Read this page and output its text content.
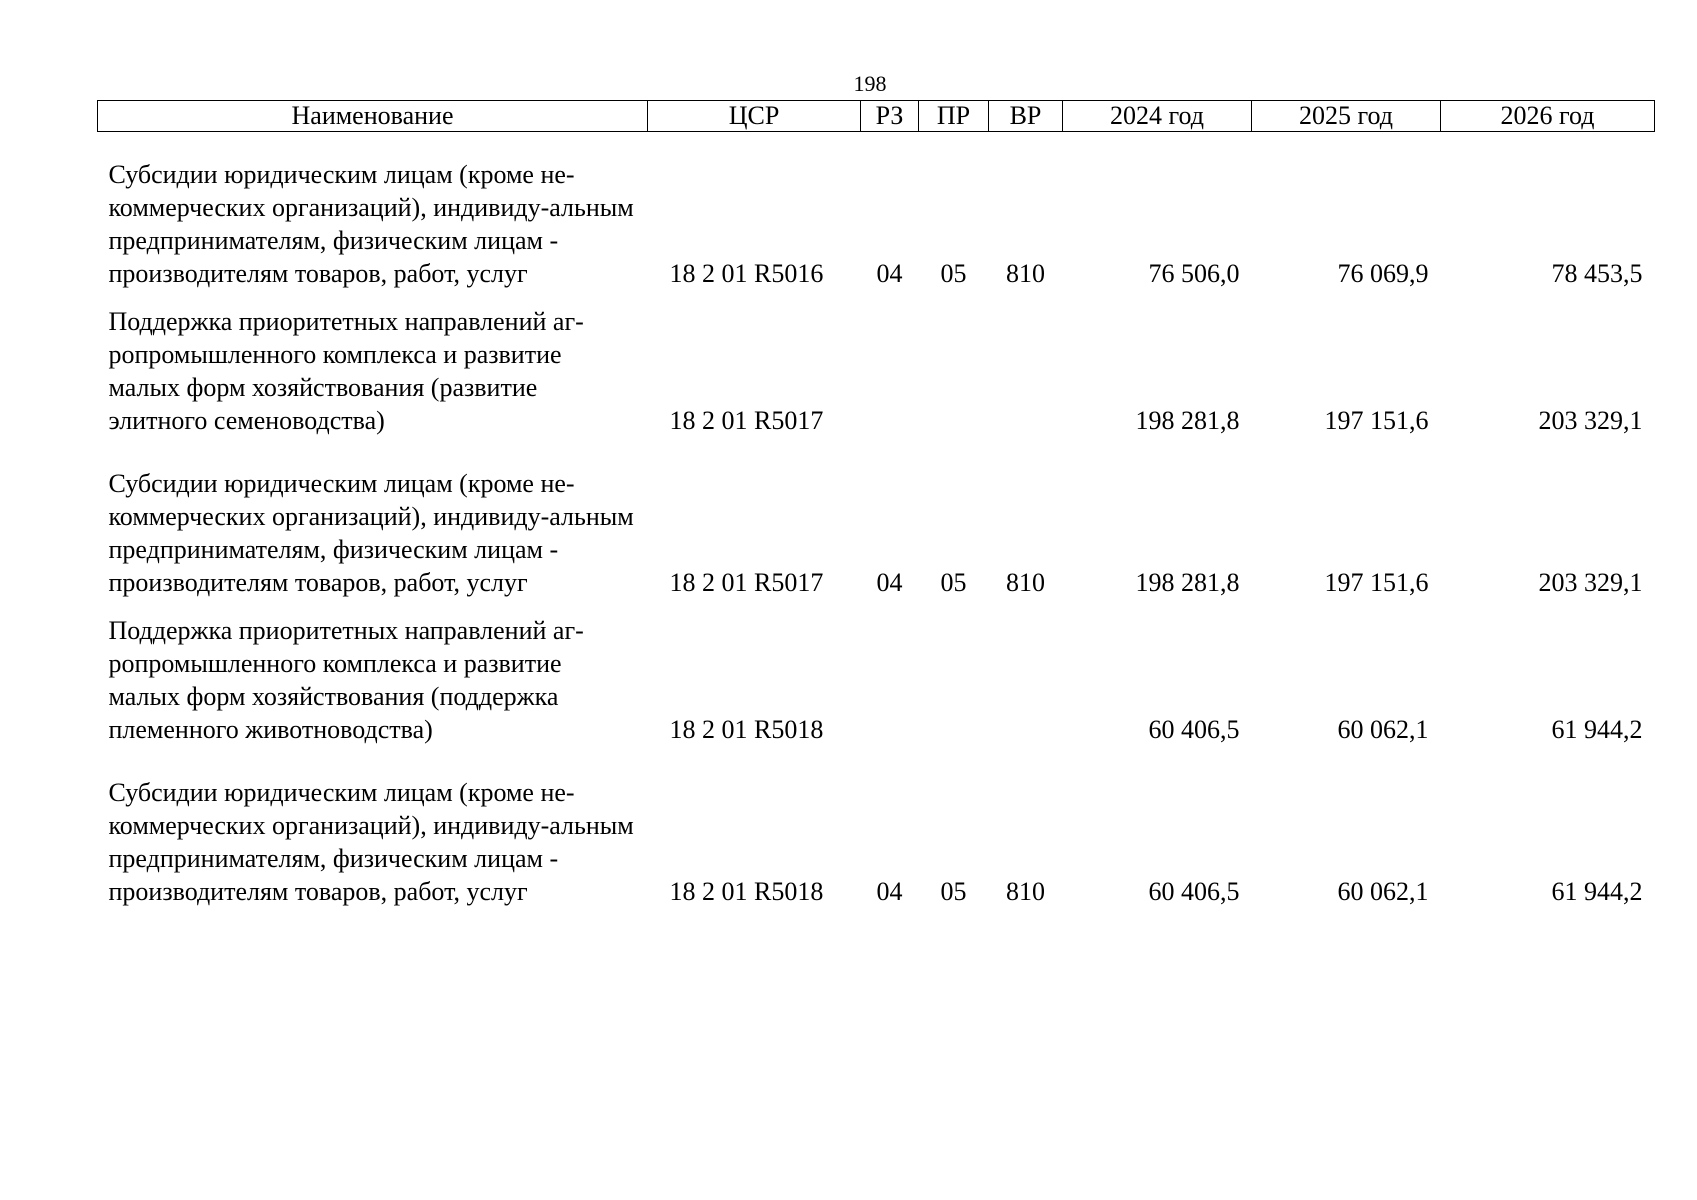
198
Наименование	ЦСР	РЗ	ПР	ВР	2024 год	2025 год	2026 год
Субсидии юридическим лицам (кроме не-коммерческих организаций), индивиду-альным предпринимателям, физическим лицам - производителям товаров, работ, услуг	18 2 01 R5016	04	05	810	76 506,0	76 069,9	78 453,5
Поддержка приоритетных направлений аг-ропромышленного комплекса и развитие малых форм хозяйствования (развитие элитного семеноводства)	18 2 01 R5017				198 281,8	197 151,6	203 329,1
Субсидии юридическим лицам (кроме не-коммерческих организаций), индивиду-альным предпринимателям, физическим лицам - производителям товаров, работ, услуг	18 2 01 R5017	04	05	810	198 281,8	197 151,6	203 329,1
Поддержка приоритетных направлений аг-ропромышленного комплекса и развитие малых форм хозяйствования (поддержка племенного животноводства)	18 2 01 R5018				60 406,5	60 062,1	61 944,2
Субсидии юридическим лицам (кроме не-коммерческих организаций), индивиду-альным предпринимателям, физическим лицам - производителям товаров, работ, услуг	18 2 01 R5018	04	05	810	60 406,5	60 062,1	61 944,2
